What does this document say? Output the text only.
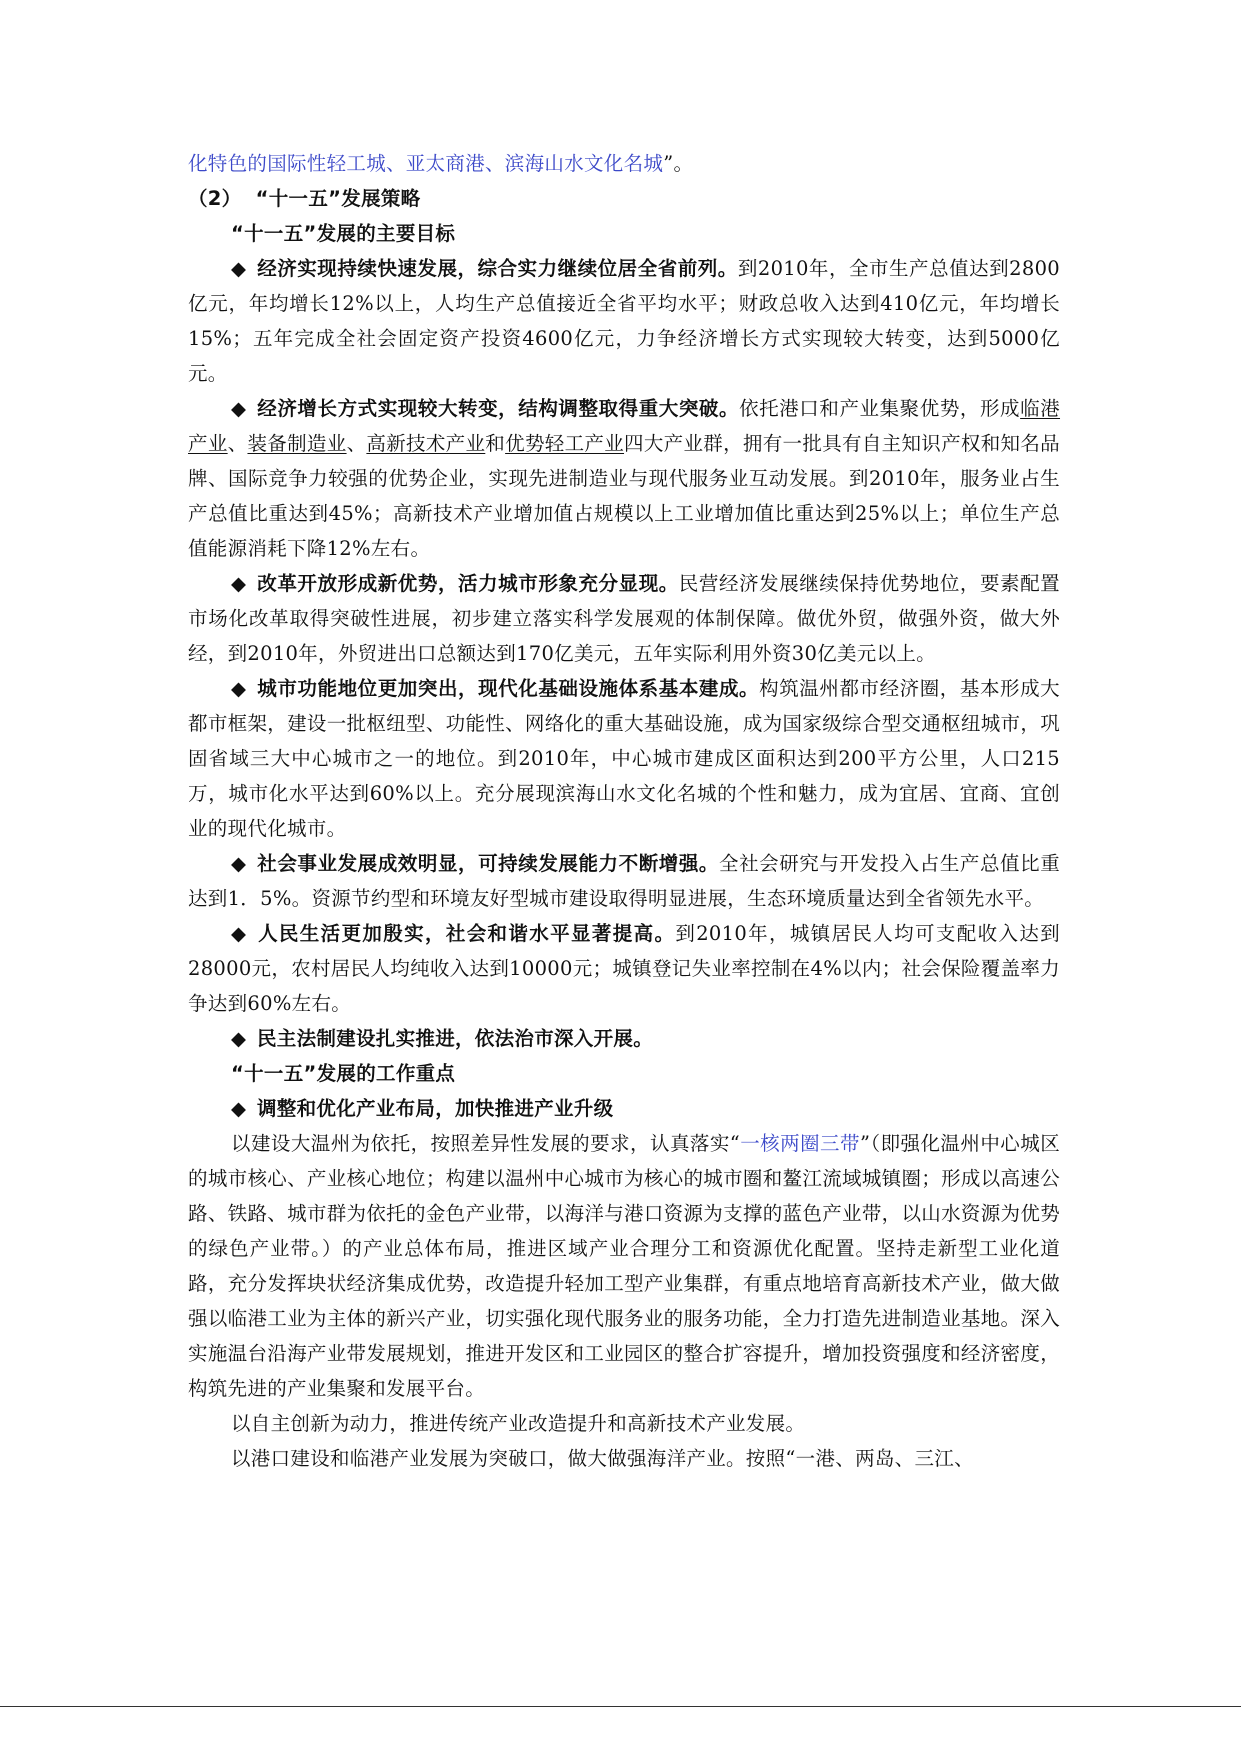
化特色的国际性轻工城、亚太商港、滨海山水文化名城”。

（2）  “十一五”发展策略

“十一五”发展的主要目标

◆ 经济实现持续快速发展，综合实力继续位居全省前列。到2010年，全市生产总值达到2800亿元，年均增长12%以上，人均生产总值接近全省平均水平；财政总收入达到410亿元，年均增长15%；五年完成全社会固定资产投资4600亿元，力争经济增长方式实现较大转变，达到5000亿元。

◆ 经济增长方式实现较大转变，结构调整取得重大突破。依托港口和产业集聚优势，形成临港产业、装备制造业、高新技术产业和优势轻工产业四大产业群，拥有一批具有自主知识产权和知名品牌、国际竞争力较强的优势企业，实现先进制造业与现代服务业互动发展。到2010年，服务业占生产总值比重达到45%；高新技术产业增加值占规模以上工业增加值比重达到25%以上；单位生产总值能源消耗下降12%左右。

◆ 改革开放形成新优势，活力城市形象充分显现。民营经济发展继续保持优势地位，要素配置市场化改革取得突破性进展，初步建立落实科学发展观的体制保障。做优外贸，做强外资，做大外经，到2010年，外贸进出口总额达到170亿美元，五年实际利用外资30亿美元以上。

◆ 城市功能地位更加突出，现代化基础设施体系基本建成。构筑温州都市经济圈，基本形成大都市框架，建设一批枢纽型、功能性、网络化的重大基础设施，成为国家级综合型交通枢纽城市，巩固省域三大中心城市之一的地位。到2010年，中心城市建成区面积达到200平方公里，人口215万，城市化水平达到60%以上。充分展现滨海山水文化名城的个性和魅力，成为宜居、宜商、宜创业的现代化城市。

◆ 社会事业发展成效明显，可持续发展能力不断增强。全社会研究与开发投入占生产总值比重达到1．5%。资源节约型和环境友好型城市建设取得明显进展，生态环境质量达到全省领先水平。

◆ 人民生活更加殷实，社会和谐水平显著提高。到2010年，城镇居民人均可支配收入达到28000元，农村居民人均纯收入达到10000元；城镇登记失业率控制在4%以内；社会保险覆盖率力争达到60%左右。

◆ 民主法制建设扎实推进，依法治市深入开展。

“十一五”发展的工作重点

◆ 调整和优化产业布局，加快推进产业升级

以建设大温州为依托，按照差异性发展的要求，认真落实“一核两圈三带”（即强化温州中心城区的城市核心、产业核心地位；构建以温州中心城市为核心的城市圈和鳌江流域城镇圈；形成以高速公路、铁路、城市群为依托的金色产业带，以海洋与港口资源为支撑的蓝色产业带，以山水资源为优势的绿色产业带。）的产业总体布局，推进区域产业合理分工和资源优化配置。坚持走新型工业化道路，充分发挥块状经济集成优势，改造提升轻加工型产业集群，有重点地培育高新技术产业，做大做强以临港工业为主体的新兴产业，切实强化现代服务业的服务功能，全力打造先进制造业基地。深入实施温台沿海产业带发展规划，推进开发区和工业园区的整合扩容提升，增加投资强度和经济密度，构筑先进的产业集聚和发展平台。

以自主创新为动力，推进传统产业改造提升和高新技术产业发展。

以港口建设和临港产业发展为突破口，做大做强海洋产业。按照“一港、两岛、三江、
